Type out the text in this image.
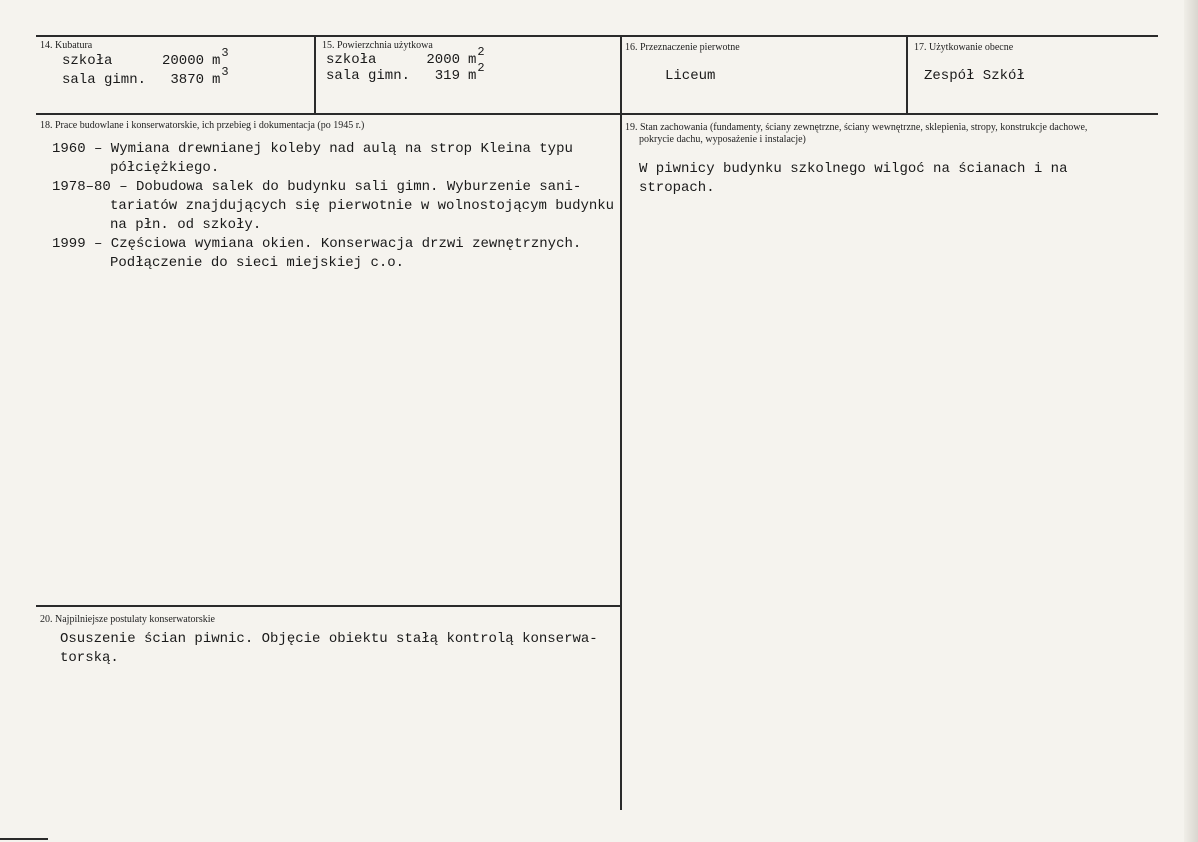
14. Kubatura
szkoła	20000 m 3
sala gimn.	3870 m 3
15. Powierzchnia użytkowa
szkoła	2000 m 2
sala gimn.	319 m 2
16. Przeznaczenie pierwotne
Liceum
17. Użytkowanie obecne
Zespół Szkół
18. Prace budowlane i konserwatorskie, ich przebieg i dokumentacja (po 1945 r.)
1960 – Wymiana drewnianej koleby nad aulą na strop Kleina typu
półciężkiego.
1978–80 – Dobudowa salek do budynku sali gimn. Wyburzenie sani-
tariatów znajdujących się pierwotnie w wolnostojącym budynku
na płn. od szkoły.
1999 – Częściowa wymiana okien. Konserwacja drzwi zewnętrznych.
Podłączenie do sieci miejskiej c.o.
19. Stan zachowania (fundamenty, ściany zewnętrzne, ściany wewnętrzne, sklepienia, stropy, konstrukcje dachowe,
pokrycie dachu, wyposażenie i instalacje)
W piwnicy budynku szkolnego wilgoć na ścianach i na
stropach.
20. Najpilniejsze postulaty konserwatorskie
Osuszenie ścian piwnic. Objęcie obiektu stałą kontrolą konserwa-
torską.
